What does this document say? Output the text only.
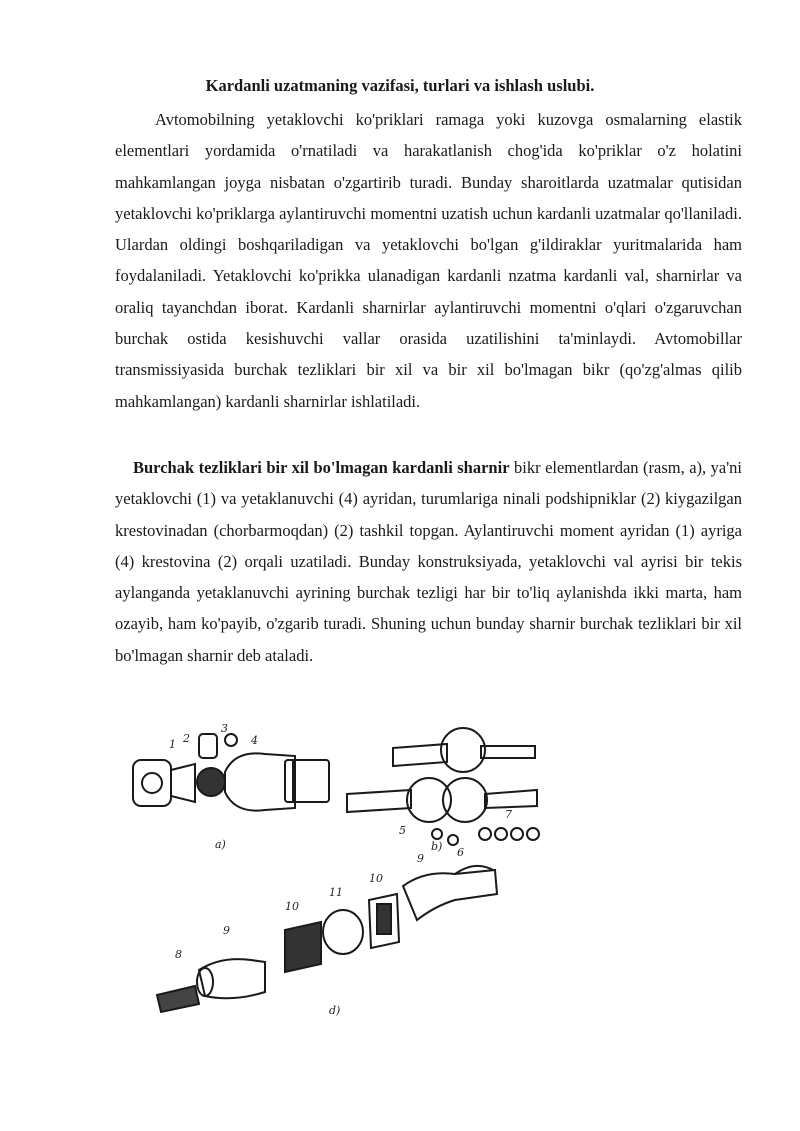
Kardanli uzatmaning vazifasi, turlari va ishlash uslubi.

Avtomobilning yetaklovchi ko'priklari ramaga yoki kuzovga osmalarning elastik elementlari yordamida o'rnatiladi va harakatlanish chog'ida ko'priklar o'z holatini mahkamlangan joyga nisbatan o'zgartirib turadi. Bunday sharoitlarda uzatmalar qutisidan yetaklovchi ko'priklarga aylantiruvchi momentni uzatish uchun kardanli uzatmalar qo'llaniladi. Ulardan oldingi boshqariladigan va yetaklovchi bo'lgan g'ildiraklar yuritmalarida ham foydalaniladi. Yetaklovchi ko'prikka ulanadigan kardanli nzatma kardanli val, sharnirlar va oraliq tayanchdan iborat. Kardanli sharnirlar aylantiruvchi momentni o'qlari o'zgaruvchan burchak ostida kesishuvchi vallar orasida uzatilishini ta'minlaydi. Avtomobillar transmissiyasida burchak tezliklari bir xil va bir xil bo'lmagan bikr (qo'zg'almas qilib mahkamlangan) kardanli sharnirlar ishlatiladi.

Burchak tezliklari bir xil bo'lmagan kardanli sharnir bikr elementlardan (rasm, a), ya'ni yetaklovchi (1) va yetaklanuvchi (4) ayridan, turumlariga ninali podshipniklar (2) kiygazilgan krestovinadan (chorbarmoqdan) (2) tashkil topgan. Aylantiruvchi moment ayridan (1) ayriga (4) krestovina (2) orqali uzatiladi. Bunday konstruksiyada, yetaklovchi val ayrisi bir tekis aylanganda yetaklanuvchi ayrining burchak tezligi har bir to'liq aylanishda ikki marta, ham ozayib, ham ko'payib, o'zgarib turadi. Shuning uchun bunday sharnir burchak tezliklari bir xil bo'lmagan sharnir deb ataladi.

a)	b)
d)
1 2
3
4
5
6
7
8
9
10
11
10
9
